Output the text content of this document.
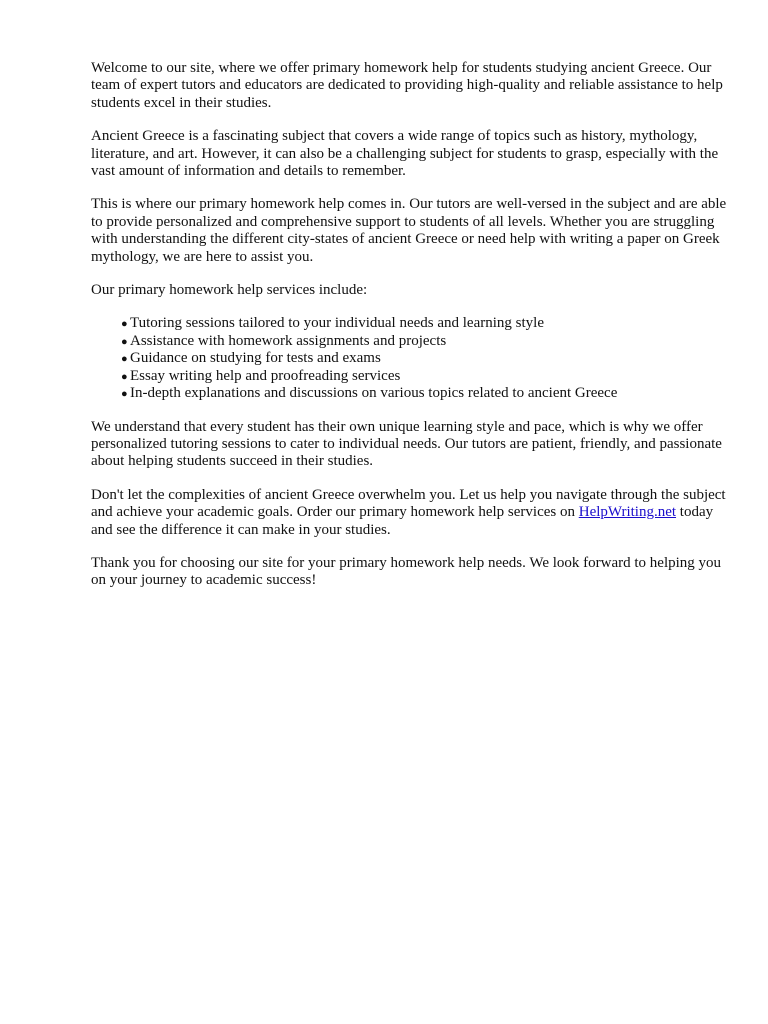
Welcome to our site, where we offer primary homework help for students studying ancient Greece. Our team of expert tutors and educators are dedicated to providing high-quality and reliable assistance to help students excel in their studies.

Ancient Greece is a fascinating subject that covers a wide range of topics such as history, mythology, literature, and art. However, it can also be a challenging subject for students to grasp, especially with the vast amount of information and details to remember.

This is where our primary homework help comes in. Our tutors are well-versed in the subject and are able to provide personalized and comprehensive support to students of all levels. Whether you are struggling with understanding the different city-states of ancient Greece or need help with writing a paper on Greek mythology, we are here to assist you.

Our primary homework help services include:

● Tutoring sessions tailored to your individual needs and learning style
● Assistance with homework assignments and projects
● Guidance on studying for tests and exams
● Essay writing help and proofreading services
● In-depth explanations and discussions on various topics related to ancient Greece

We understand that every student has their own unique learning style and pace, which is why we offer personalized tutoring sessions to cater to individual needs. Our tutors are patient, friendly, and passionate about helping students succeed in their studies.

Don't let the complexities of ancient Greece overwhelm you. Let us help you navigate through the subject and achieve your academic goals. Order our primary homework help services on HelpWriting.net today and see the difference it can make in your studies.

Thank you for choosing our site for your primary homework help needs. We look forward to helping you on your journey to academic success!
